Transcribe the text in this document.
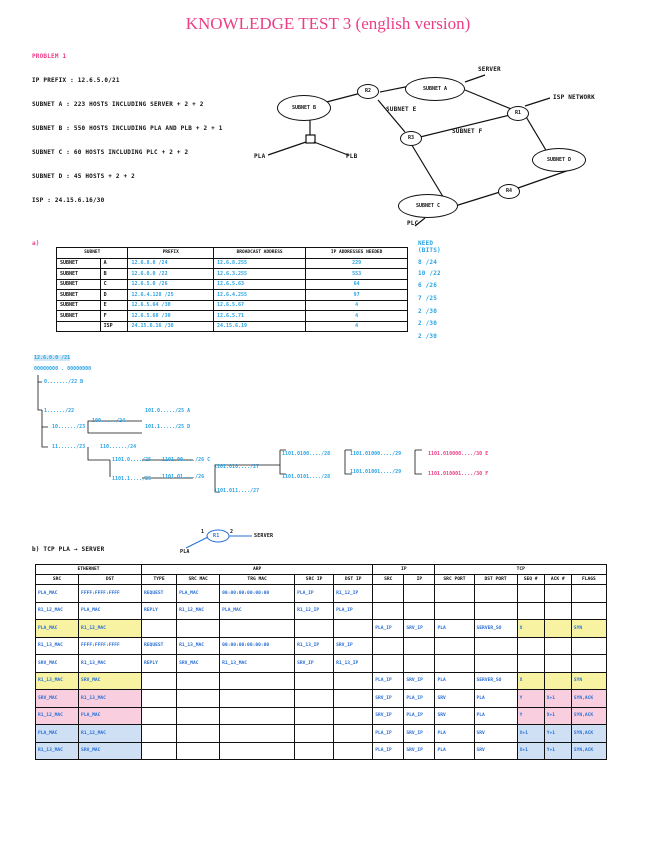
KNOWLEDGE TEST 3 (english version)
PROBLEM 1
IP PREFIX : 12.6.5.0/21
SUBNET A : 223 HOSTS INCLUDING SERVER + 2 + 2
SUBNET B : 550 HOSTS INCLUDING PLA AND PLB + 2 + 1
SUBNET C : 60 HOSTS INCLUDING PLC + 2 + 2
SUBNET D : 45 HOSTS + 2 + 2
ISP : 24.15.6.16/30
SUBNET B
SUBNET A
SUBNET D
SUBNET C
R2
R1
R3
R4
SERVER
ISP NETWORK
SUBNET E
SUBNET F
PLA	PLB
PLC
a)
SUBNET		PREFIX	BROADCAST ADDRESS	IP ADDRESSES NEEDED
SUBNET	A	12.6.8.0 /24	12.6.8.255	229
SUBNET	B	12.6.0.0 /22	12.6.3.255	553
SUBNET	C	12.6.5.0 /26	12.6.5.63	64
SUBNET	D	12.6.4.128 /25	12.6.4.255	97
SUBNET	E	12.6.5.64 /30	12.6.5.67	4
SUBNET	F	12.6.5.68 /30	12.6.5.71	4
	ISP	24.15.6.16 /30	24.15.6.19	4
NEED (BITS)
8 /24
10 /22
6 /26
7 /25
2 /30
2 /30
2 /30
12.6.0.0 /21
00000000 . 00000000
0......./22 B
1....../22
10....../23
100...../24
101.0...../25 A
101.1...../25 D
11....../23	110....../24
1101.0..../25 1101.00..../26 C
1101.01..../26
1101.010..../27
1101.0100..../28	1101.01000..../29	1101.010000..../30 E
1101.010001..../30 F
1101.0101..../28
1101.01001..../29
1101.011..../27
1101.1..../25
b) TCP PLA → SERVER	PLA
R1	SERVER
1	2
ETHERNET		ARP					IP		TCP				
SRC	DST	TYPE	SRC MAC	TRG MAC	SRC IP	DST IP	SRC	IP	SRC PORT	DST PORT	SEQ #	ACK #	FLAGS
PLA_MAC	FFFF:FFFF:FFFF	REQUEST	PLA_MAC	00:00:00:00:00:00	PLA_IP	R1_12_IP							
R1_12_MAC	PLA_MAC	REPLY	R1_12_MAC	PLA_MAC	R1_12_IP	PLA_IP							
PLA_MAC	R1_12_MAC						PLA_IP	SRV_IP	PLA	SERVER_SO	X		SYN
R1_13_MAC	FFFF:FFFF:FFFF	REQUEST	R1_13_MAC	00:00:00:00:00:00	R1_13_IP	SRV_IP							
SRV_MAC	R1_13_MAC	REPLY	SRV_MAC	R1_13_MAC	SRV_IP	R1_13_IP							
R1_13_MAC	SRV_MAC						PLA_IP	SRV_IP	PLA	SERVER_SO	X		SYN
SRV_MAC	R1_13_MAC						SRV_IP	PLA_IP	SRV	PLA	Y	X+1	SYN,ACK
R1_12_MAC	PLA_MAC						SRV_IP	PLA_IP	SRV	PLA	Y	X+1	SYN,ACK
PLA_MAC	R1_12_MAC						PLA_IP	SRV_IP	PLA	SRV	X+1	Y+1	SYN,ACK
R1_13_MAC	SRV_MAC						PLA_IP	SRV_IP	PLA	SRV	X+1	Y+1	SYN,ACK
